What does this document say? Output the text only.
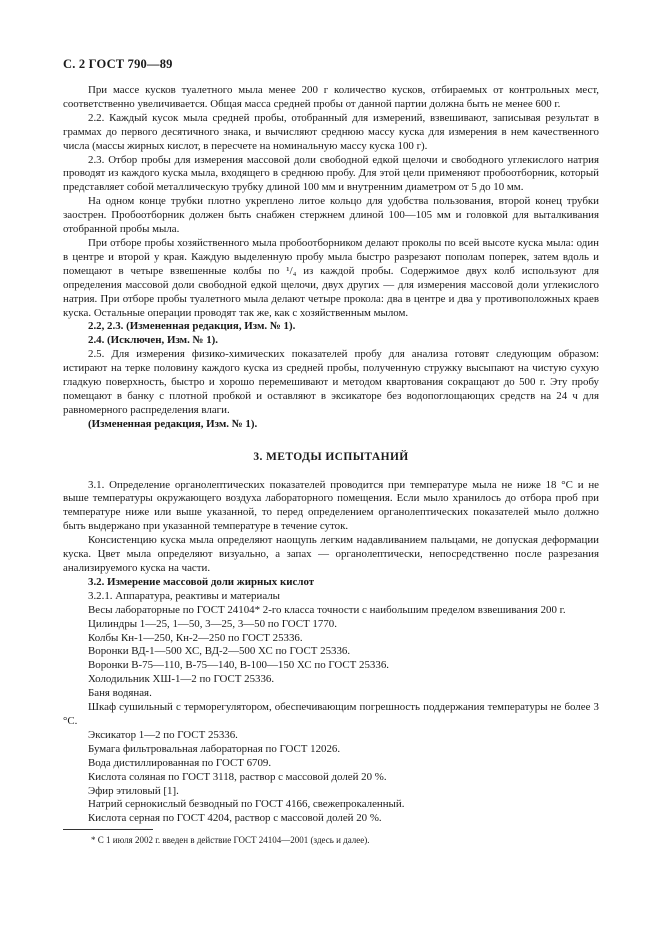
С. 2 ГОСТ 790—89

При массе кусков туалетного мыла менее 200 г количество кусков, отбираемых от контрольных мест, соответственно увеличивается. Общая масса средней пробы от данной партии должна быть не менее 600 г.

2.2. Каждый кусок мыла средней пробы, отобранный для измерений, взвешивают, записывая результат в граммах до первого десятичного знака, и вычисляют среднюю массу куска для измерения в нем качественного числа (массы жирных кислот, в пересчете на номинальную массу куска 100 г).

2.3. Отбор пробы для измерения массовой доли свободной едкой щелочи и свободного углекислого натрия проводят из каждого куска мыла, входящего в среднюю пробу. Для этой цели применяют пробоотборник, который представляет собой металлическую трубку длиной 100 мм и внутренним диаметром от 5 до 10 мм.

На одном конце трубки плотно укреплено литое кольцо для удобства пользования, второй конец трубки заострен. Пробоотборник должен быть снабжен стержнем длиной 100—105 мм и головкой для выталкивания отобранной пробы мыла.

При отборе пробы хозяйственного мыла пробоотборником делают проколы по всей высоте куска мыла: один в центре и второй у края. Каждую выделенную пробу мыла быстро разрезают пополам поперек, затем вдоль и помещают в четыре взвешенные колбы по ¹/₄ из каждой пробы. Содержимое двух колб используют для определения массовой доли свободной едкой щелочи, двух других — для измерения массовой доли углекислого натрия. При отборе пробы туалетного мыла делают четыре прокола: два в центре и два у противоположных краев куска. Остальные операции проводят так же, как с хозяйственным мылом.

2.2, 2.3. (Измененная редакция, Изм. № 1).

2.4. (Исключен, Изм. № 1).

2.5. Для измерения физико-химических показателей пробу для анализа готовят следующим образом: истирают на терке половину каждого куска из средней пробы, полученную стружку высыпают на чистую сухую гладкую поверхность, быстро и хорошо перемешивают и методом квартования сокращают до 500 г. Эту пробу помещают в банку с плотной пробкой и оставляют в эксикаторе без водопоглощающих средств на 24 ч для равномерного распределения влаги.

(Измененная редакция, Изм. № 1).

3. МЕТОДЫ ИСПЫТАНИЙ

3.1. Определение органолептических показателей проводится при температуре мыла не ниже 18 °С и не выше температуры окружающего воздуха лабораторного помещения. Если мыло хранилось до отбора проб при температуре ниже или выше указанной, то перед определением органолептических показателей мыло должно быть выдержано при указанной температуре в течение суток.

Консистенцию куска мыла определяют наощупь легким надавливанием пальцами, не допуская деформации куска. Цвет мыла определяют визуально, а запах — органолептически, непосредственно после разрезания анализируемого куска на части.

3.2. Измерение массовой доли жирных кислот

3.2.1. Аппаратура, реактивы и материалы

Весы лабораторные по ГОСТ 24104* 2-го класса точности с наибольшим пределом взвешивания 200 г.

Цилиндры 1—25, 1—50, 3—25, 3—50 по ГОСТ 1770.

Колбы Кн-1—250, Кн-2—250 по ГОСТ 25336.

Воронки ВД-1—500 ХС, ВД-2—500 ХС по ГОСТ 25336.

Воронки В-75—110, В-75—140, В-100—150 ХС по ГОСТ 25336.

Холодильник ХШ-1—2 по ГОСТ 25336.

Баня водяная.

Шкаф сушильный с терморегулятором, обеспечивающим погрешность поддержания температуры не более 3 °С.

Эксикатор 1—2 по ГОСТ 25336.

Бумага фильтровальная лабораторная по ГОСТ 12026.

Вода дистиллированная по ГОСТ 6709.

Кислота соляная по ГОСТ 3118, раствор с массовой долей 20 %.

Эфир этиловый [1].

Натрий сернокислый безводный по ГОСТ 4166, свежепрокаленный.

Кислота серная по ГОСТ 4204, раствор с массовой долей 20 %.

* С 1 июля 2002 г. введен в действие ГОСТ 24104—2001 (здесь и далее).
